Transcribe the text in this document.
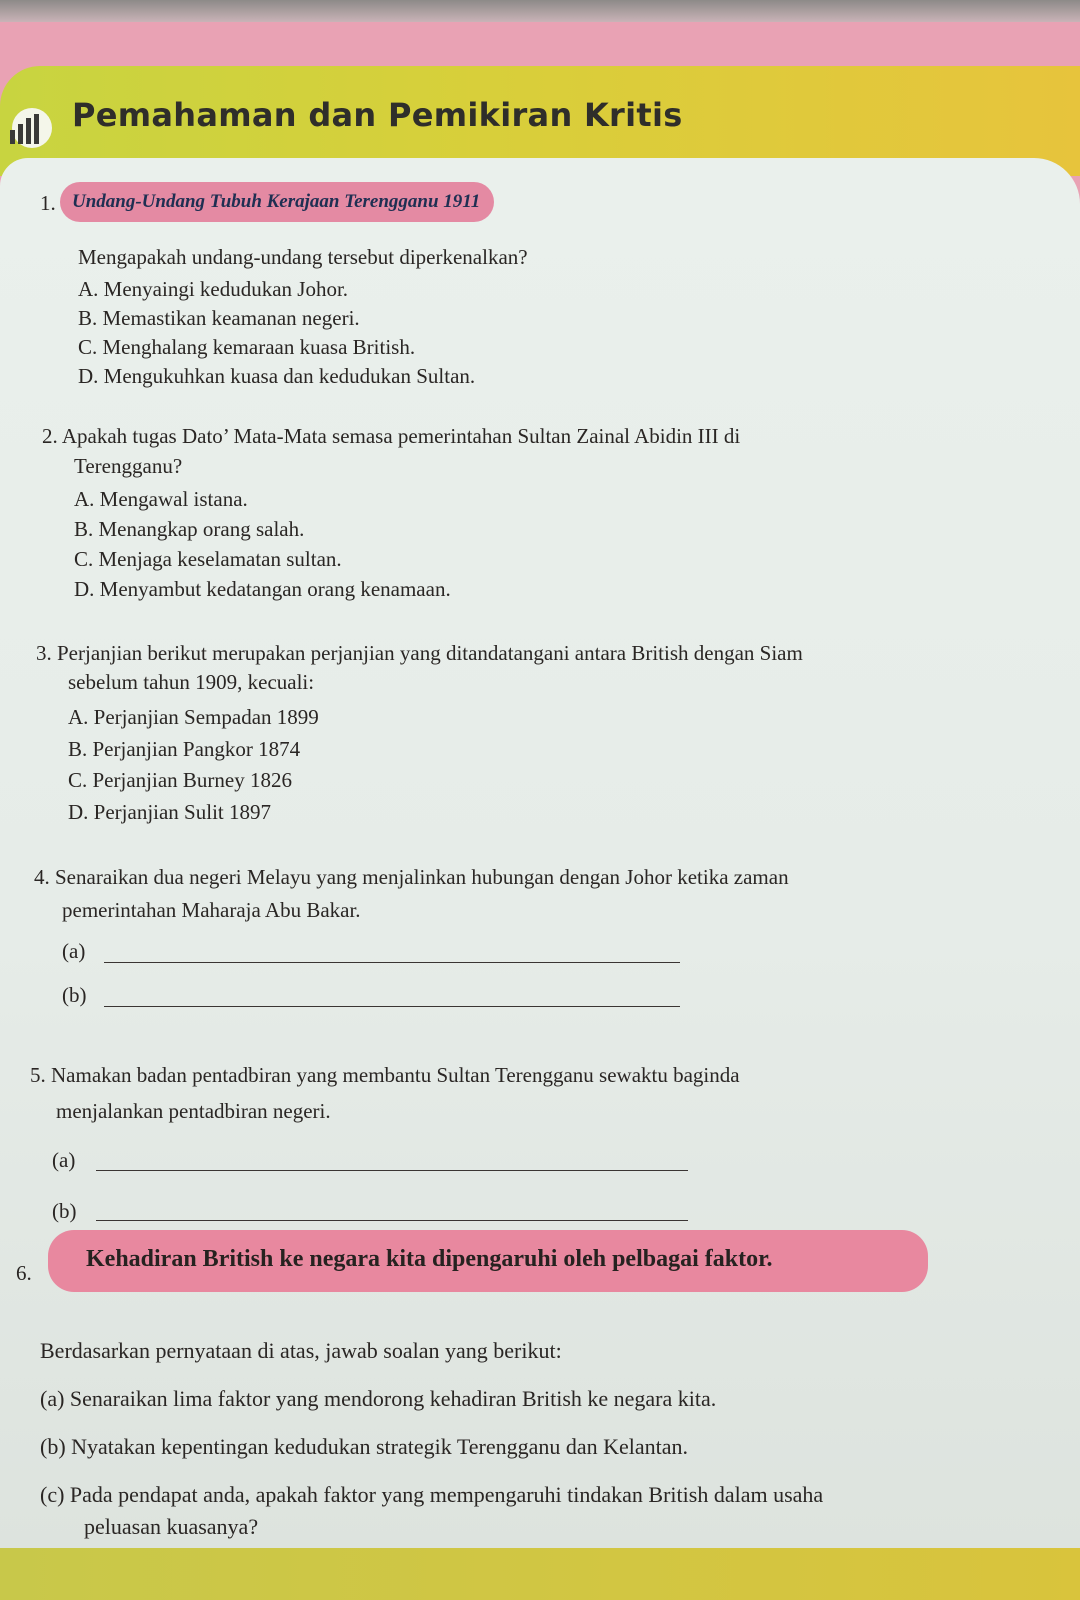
Pemahaman dan Pemikiran Kritis
1. Undang-Undang Tubuh Kerajaan Terengganu 1911
Mengapakah undang-undang tersebut diperkenalkan?
A. Menyaingi kedudukan Johor.
B. Memastikan keamanan negeri.
C. Menghalang kemaraan kuasa British.
D. Mengukuhkan kuasa dan kedudukan Sultan.
2. Apakah tugas Dato’ Mata-Mata semasa pemerintahan Sultan Zainal Abidin III di
Terengganu?
A. Mengawal istana.
B. Menangkap orang salah.
C. Menjaga keselamatan sultan.
D. Menyambut kedatangan orang kenamaan.
3. Perjanjian berikut merupakan perjanjian yang ditandatangani antara British dengan Siam
sebelum tahun 1909, kecuali:
A. Perjanjian Sempadan 1899
B. Perjanjian Pangkor 1874
C. Perjanjian Burney 1826
D. Perjanjian Sulit 1897
4. Senaraikan dua negeri Melayu yang menjalinkan hubungan dengan Johor ketika zaman
pemerintahan Maharaja Abu Bakar.
(a)
(b)
5. Namakan badan pentadbiran yang membantu Sultan Terengganu sewaktu baginda
menjalankan pentadbiran negeri.
(a)
(b)
6.
Kehadiran British ke negara kita dipengaruhi oleh pelbagai faktor.
Berdasarkan pernyataan di atas, jawab soalan yang berikut:
(a) Senaraikan lima faktor yang mendorong kehadiran British ke negara kita.
(b) Nyatakan kepentingan kedudukan strategik Terengganu dan Kelantan.
(c) Pada pendapat anda, apakah faktor yang mempengaruhi tindakan British dalam usaha
peluasan kuasanya?
